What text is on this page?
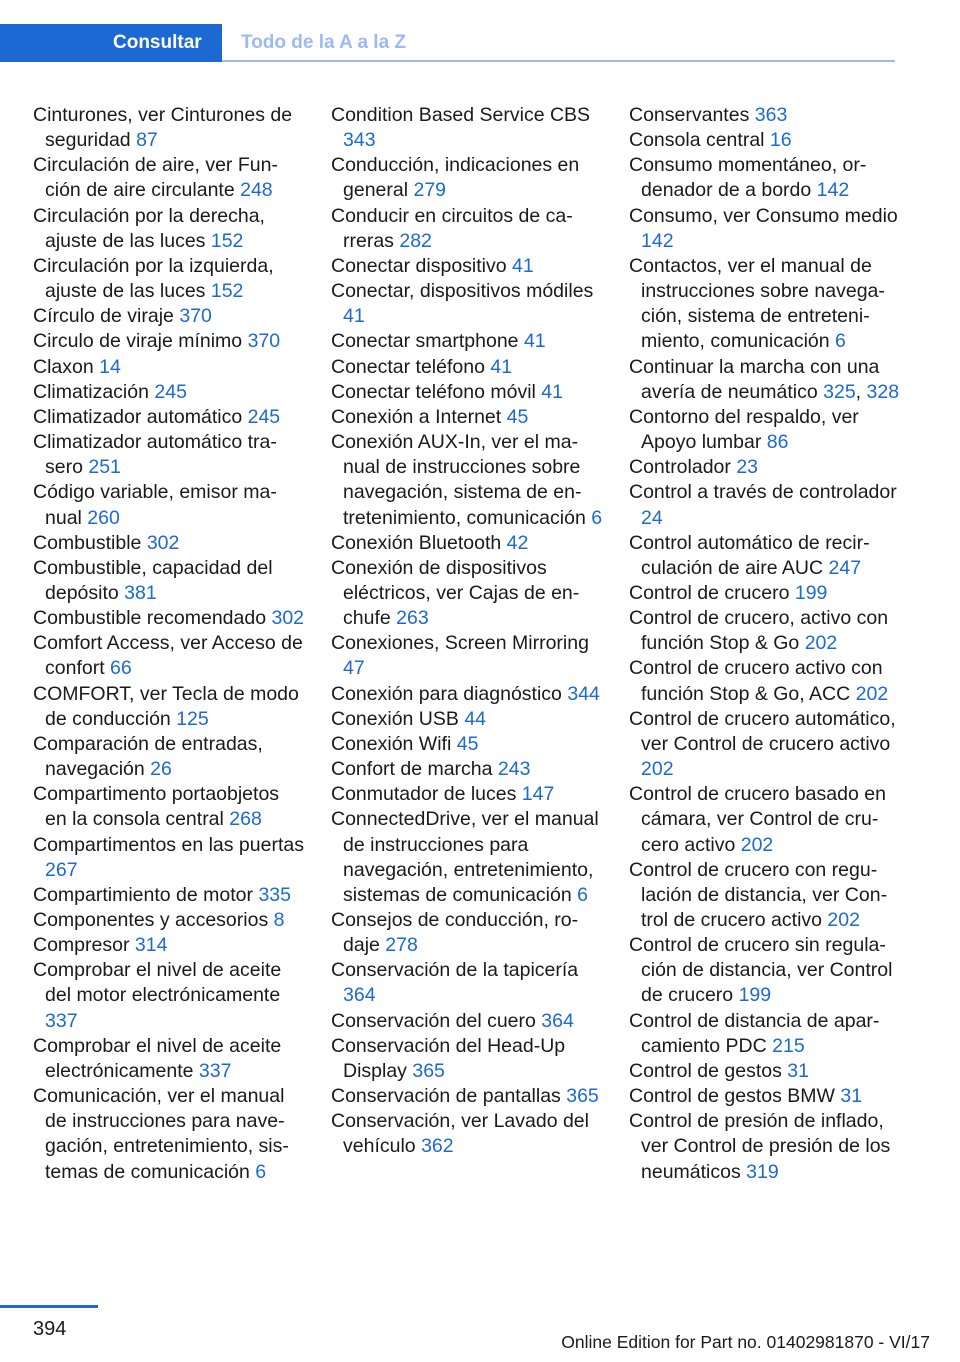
Consultar	Todo de la A a la Z
Cinturones, ver Cinturones de seguridad 87
Circulación de aire, ver Función de aire circulante 248
Circulación por la derecha, ajuste de las luces 152
Circulación por la izquierda, ajuste de las luces 152
Círculo de viraje 370
Circulo de viraje mínimo 370
Claxon 14
Climatización 245
Climatizador automático 245
Climatizador automático trasero 251
Código variable, emisor manual 260
Combustible 302
Combustible, capacidad del depósito 381
Combustible recomendado 302
Comfort Access, ver Acceso de confort 66
COMFORT, ver Tecla de modo de conducción 125
Comparación de entradas, navegación 26
Compartimento portaobjetos en la consola central 268
Compartimentos en las puertas 267
Compartimiento de motor 335
Componentes y accesorios 8
Compresor 314
Comprobar el nivel de aceite del motor electrónicamente 337
Comprobar el nivel de aceite electrónicamente 337
Comunicación, ver el manual de instrucciones para navegación, entretenimiento, sistemas de comunicación 6
Condition Based Service CBS 343
Conducción, indicaciones en general 279
Conducir en circuitos de carreras 282
Conectar dispositivo 41
Conectar, dispositivos módiles 41
Conectar smartphone 41
Conectar teléfono 41
Conectar teléfono móvil 41
Conexión a Internet 45
Conexión AUX-In, ver el manual de instrucciones sobre navegación, sistema de entretenimiento, comunicación 6
Conexión Bluetooth 42
Conexión de dispositivos eléctricos, ver Cajas de enchufe 263
Conexiones, Screen Mirroring 47
Conexión para diagnóstico 344
Conexión USB 44
Conexión Wifi 45
Confort de marcha 243
Conmutador de luces 147
ConnectedDrive, ver el manual de instrucciones para navegación, entretenimiento, sistemas de comunicación 6
Consejos de conducción, rodaje 278
Conservación de la tapicería 364
Conservación del cuero 364
Conservación del Head-Up Display 365
Conservación de pantallas 365
Conservación, ver Lavado del vehículo 362
Conservantes 363
Consola central 16
Consumo momentáneo, ordenador de a bordo 142
Consumo, ver Consumo medio 142
Contactos, ver el manual de instrucciones sobre navegación, sistema de entretenimiento, comunicación 6
Continuar la marcha con una avería de neumático 325, 328
Contorno del respaldo, ver Apoyo lumbar 86
Controlador 23
Control a través de controlador 24
Control automático de recirculación de aire AUC 247
Control de crucero 199
Control de crucero, activo con función Stop & Go 202
Control de crucero activo con función Stop & Go, ACC 202
Control de crucero automático, ver Control de crucero activo 202
Control de crucero basado en cámara, ver Control de crucero activo 202
Control de crucero con regulación de distancia, ver Control de crucero activo 202
Control de crucero sin regulación de distancia, ver Control de crucero 199
Control de distancia de aparcamiento PDC 215
Control de gestos 31
Control de gestos BMW 31
Control de presión de inflado, ver Control de presión de los neumáticos 319
394
Online Edition for Part no. 01402981870 - VI/17
